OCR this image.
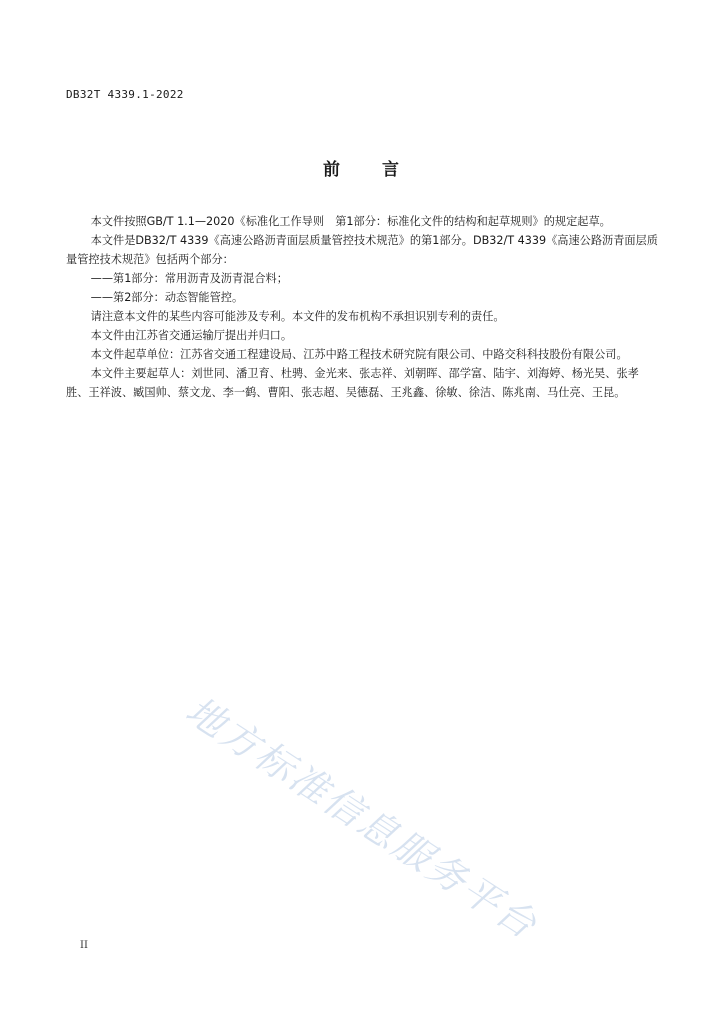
DB32T 4339.1-2022
前 言

本文件按照GB/T 1.1—2020《标准化工作导则　第1部分：标准化文件的结构和起草规则》的规定起草。

本文件是DB32/T 4339《高速公路沥青面层质量管控技术规范》的第1部分。DB32/T 4339《高速公路沥青面层质量管控技术规范》包括两个部分：

——第1部分：常用沥青及沥青混合料；

——第2部分：动态智能管控。

请注意本文件的某些内容可能涉及专利。本文件的发布机构不承担识别专利的责任。

本文件由江苏省交通运输厅提出并归口。

本文件起草单位：江苏省交通工程建设局、江苏中路工程技术研究院有限公司、中路交科科技股份有限公司。

本文件主要起草人：刘世同、潘卫育、杜骋、金光来、张志祥、刘朝晖、邵学富、陆宇、刘海婷、杨光昊、张孝胜、王祥波、臧国帅、蔡文龙、李一鹤、曹阳、张志超、吴德磊、王兆鑫、徐敏、徐洁、陈兆南、马仕亮、王昆。

地方标准信息服务平台
II
